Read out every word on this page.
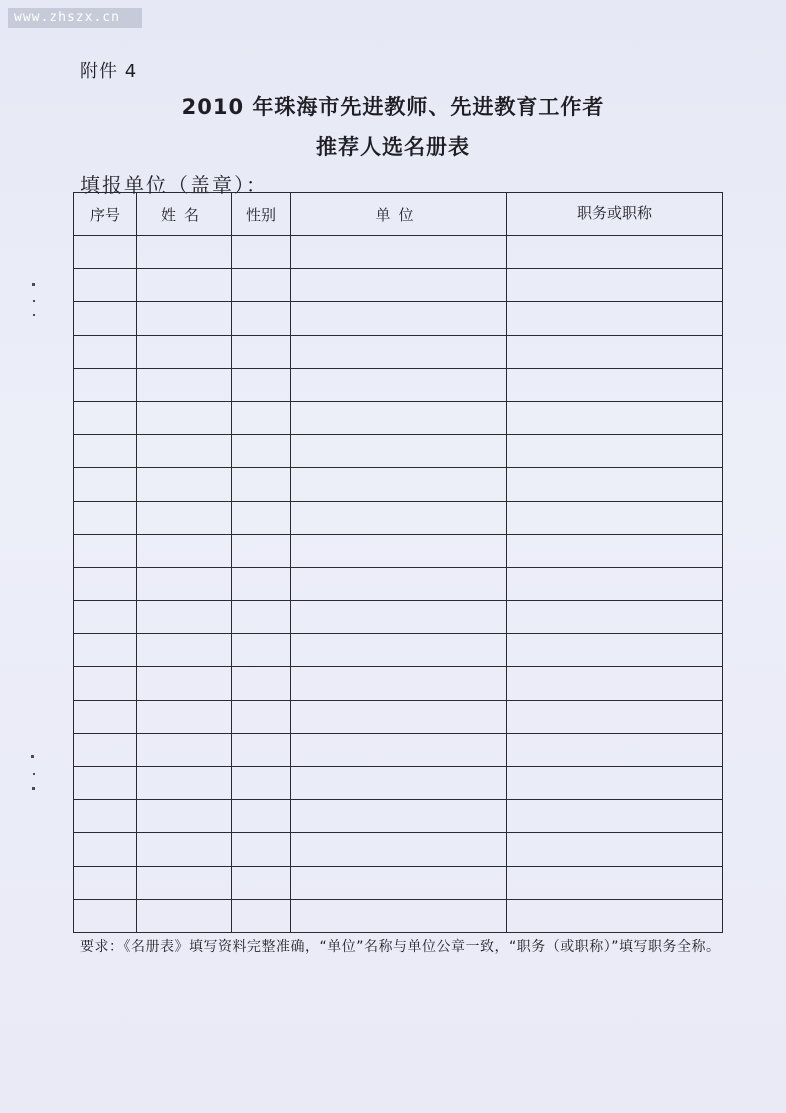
www.zhszx.cn
附件 4
2010 年珠海市先进教师、先进教育工作者
推荐人选名册表
填报单位（盖章）：
序号	姓名	性别	单位	职务或职称

要求：《名册表》填写资料完整准确，“单位”名称与单位公章一致，“职务（或职称）”填写职务全称。
